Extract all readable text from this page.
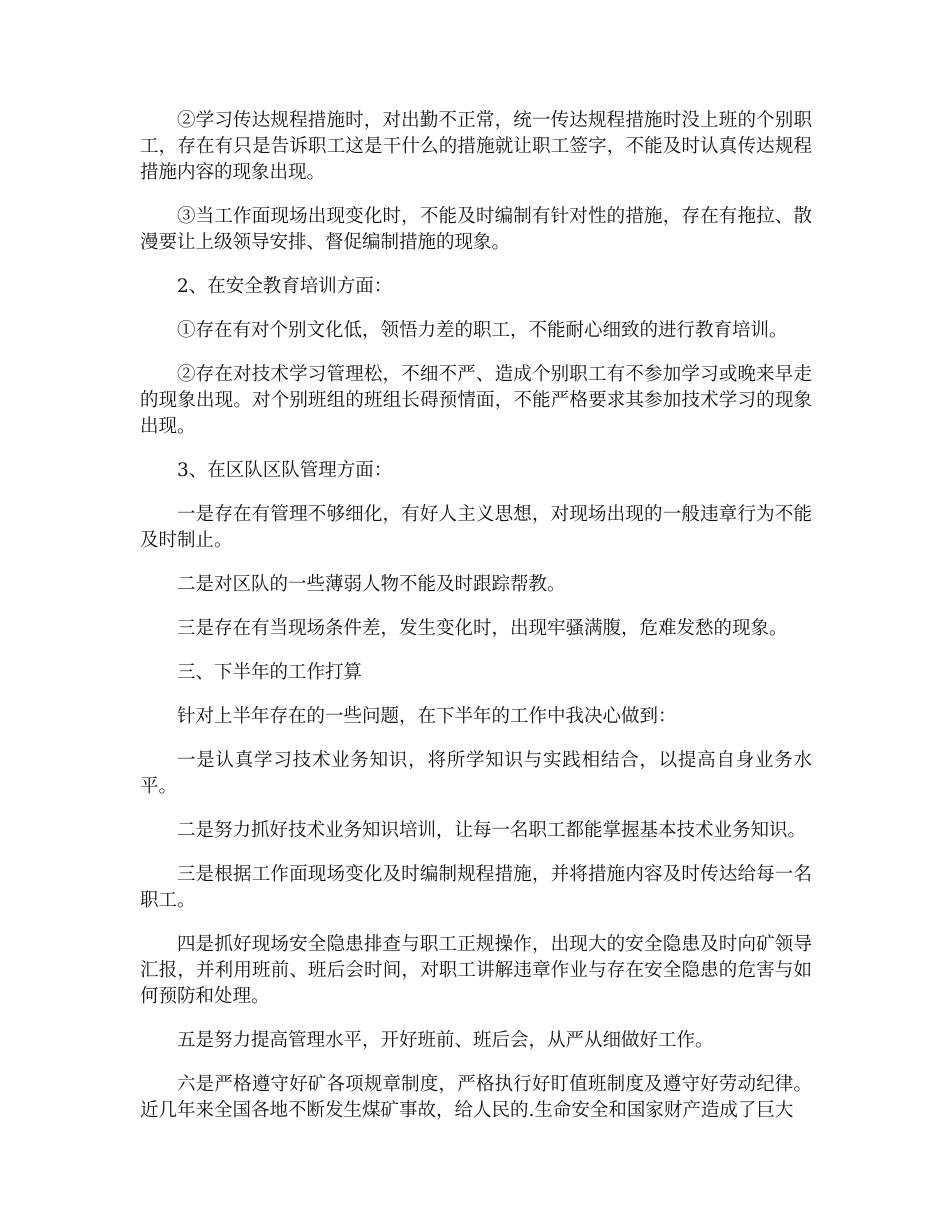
②学习传达规程措施时，对出勤不正常，统一传达规程措施时没上班的个别职工，存在有只是告诉职工这是干什么的措施就让职工签字，不能及时认真传达规程措施内容的现象出现。

③当工作面现场出现变化时，不能及时编制有针对性的措施，存在有拖拉、散漫要让上级领导安排、督促编制措施的现象。

2、在安全教育培训方面：

①存在有对个别文化低，领悟力差的职工，不能耐心细致的进行教育培训。

②存在对技术学习管理松，不细不严、造成个别职工有不参加学习或晚来早走的现象出现。对个别班组的班组长碍预情面，不能严格要求其参加技术学习的现象出现。

3、在区队区队管理方面：

一是存在有管理不够细化，有好人主义思想，对现场出现的一般违章行为不能及时制止。

二是对区队的一些薄弱人物不能及时跟踪帮教。

三是存在有当现场条件差，发生变化时，出现牢骚满腹，危难发愁的现象。

三、下半年的工作打算

针对上半年存在的一些问题，在下半年的工作中我决心做到：

一是认真学习技术业务知识，将所学知识与实践相结合，以提高自身业务水平。

二是努力抓好技术业务知识培训，让每一名职工都能掌握基本技术业务知识。

三是根据工作面现场变化及时编制规程措施，并将措施内容及时传达给每一名职工。

四是抓好现场安全隐患排查与职工正规操作，出现大的安全隐患及时向矿领导汇报，并利用班前、班后会时间，对职工讲解违章作业与存在安全隐患的危害与如何预防和处理。

五是努力提高管理水平，开好班前、班后会，从严从细做好工作。

六是严格遵守好矿各项规章制度，严格执行好盯值班制度及遵守好劳动纪律。近几年来全国各地不断发生煤矿事故，给人民的.生命安全和国家财产造成了巨大
